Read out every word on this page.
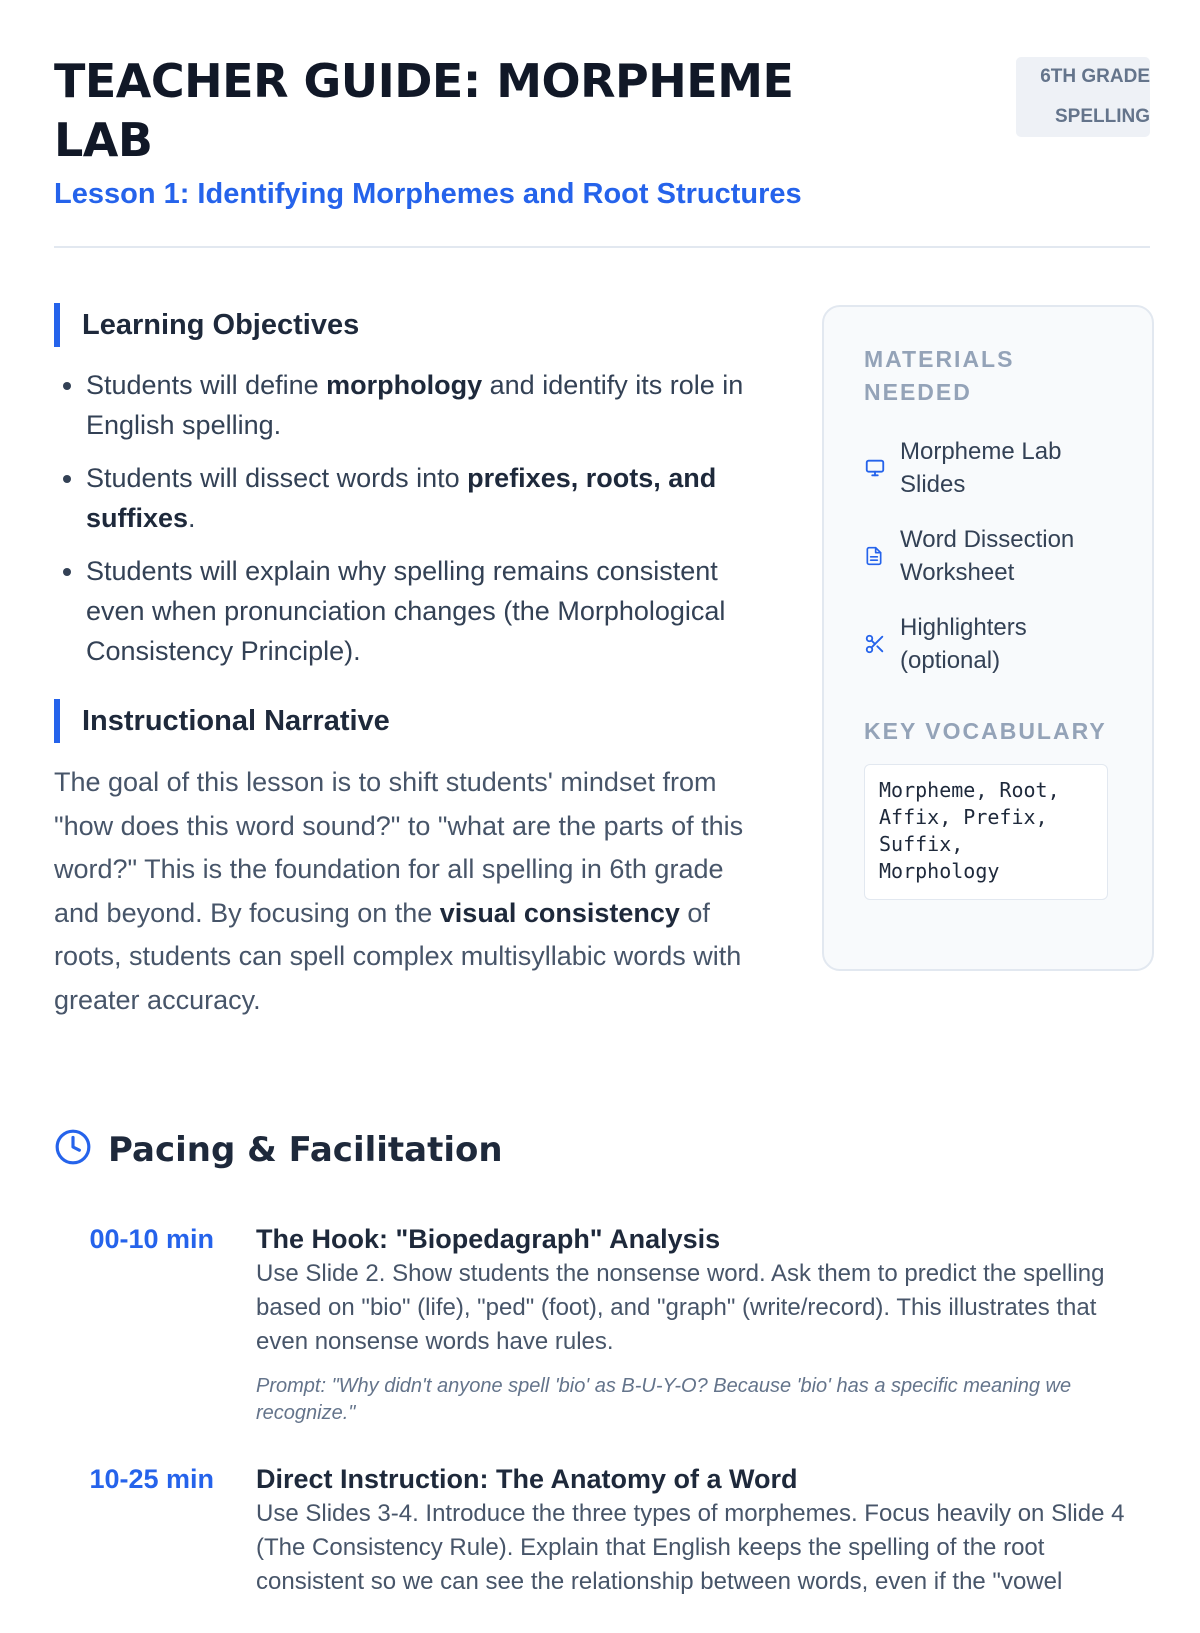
TEACHER GUIDE: MORPHEME LAB
Lesson 1: Identifying Morphemes and Root Structures
6TH GRADE
SPELLING
Learning Objectives
• Students will define morphology and identify its role in English spelling.
• Students will dissect words into prefixes, roots, and suffixes.
• Students will explain why spelling remains consistent even when pronunciation changes (the Morphological Consistency Principle).
Instructional Narrative

The goal of this lesson is to shift students' mindset from "how does this word sound?" to "what are the parts of this word?" This is the foundation for all spelling in 6th grade and beyond. By focusing on the visual consistency of roots, students can spell complex multisyllabic words with greater accuracy.

MATERIALS NEEDED
Morpheme Lab Slides
Word Dissection Worksheet
Highlighters (optional)
KEY VOCABULARY
Morpheme, Root, Affix, Prefix, Suffix, Morphology
Pacing & Facilitation
00-10 min The Hook: "Biopedagraph" Analysis

Use Slide 2. Show students the nonsense word. Ask them to predict the spelling based on "bio" (life), "ped" (foot), and "graph" (write/record). This illustrates that even nonsense words have rules.

Prompt: "Why didn't anyone spell 'bio' as B-U-Y-O? Because 'bio' has a specific meaning we recognize."

10-25 min Direct Instruction: The Anatomy of a Word

Use Slides 3-4. Introduce the three types of morphemes. Focus heavily on Slide 4 (The Consistency Rule). Explain that English keeps the spelling of the root consistent so we can see the relationship between words, even if the "vowel
